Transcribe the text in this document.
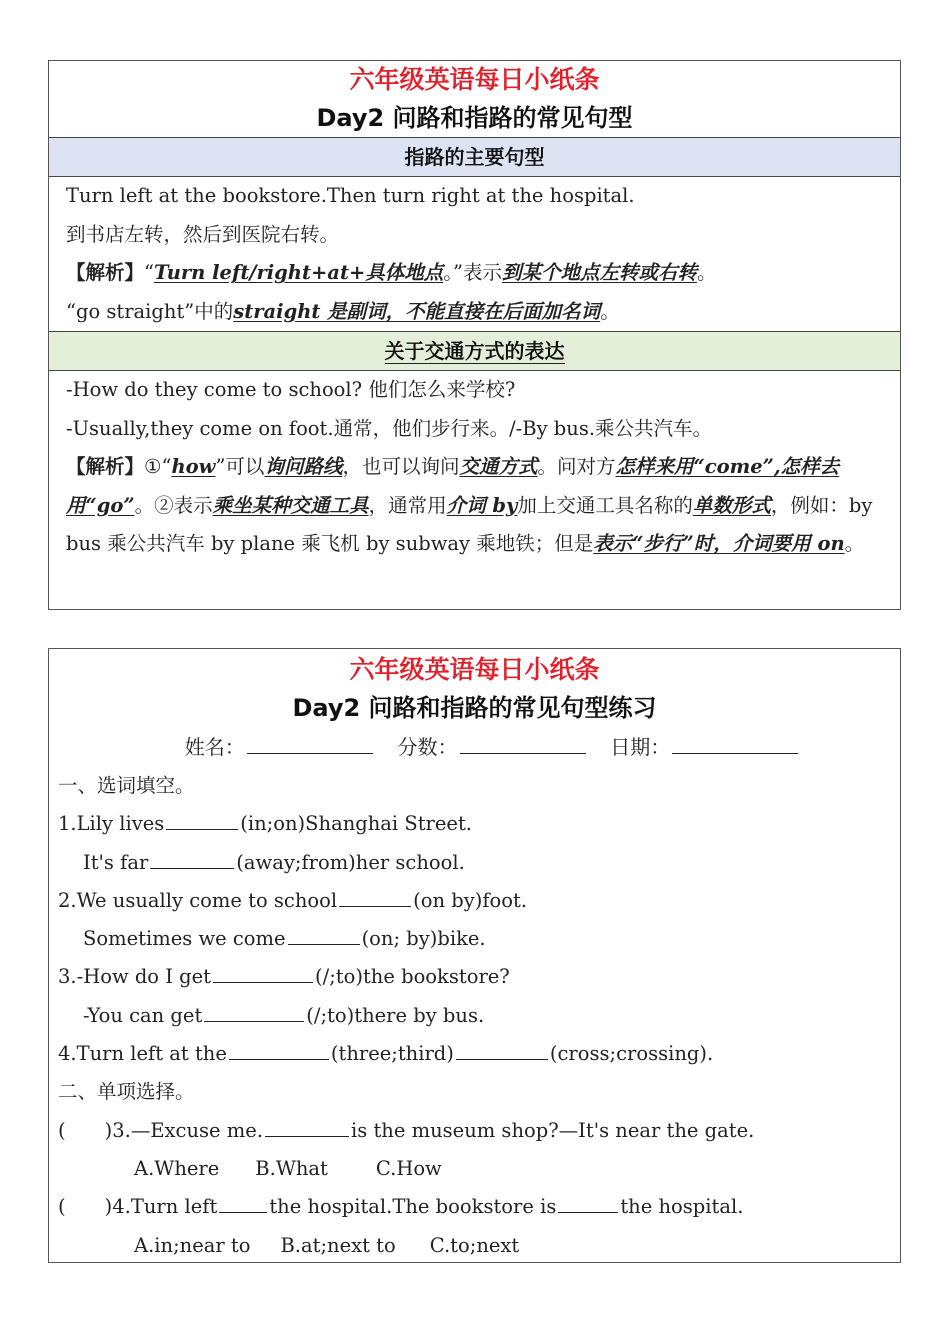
六年级英语每日小纸条
Day2 问路和指路的常见句型
指路的主要句型
Turn left at the bookstore.Then turn right at the hospital.
到书店左转，然后到医院右转。
【解析】“Turn left/right+at+具体地点。”表示到某个地点左转或右转。
“go straight”中的straight 是副词，不能直接在后面加名词。
关于交通方式的表达
-How do they come to school? 他们怎么来学校?
-Usually,they come on foot.通常，他们步行来。/-By bus.乘公共汽车。
【解析】①“how”可以询问路线，也可以询问交通方式。问对方怎样来用“come”,怎样去用“go”。②表示乘坐某种交通工具，通常用介词 by加上交通工具名称的单数形式，例如：by bus 乘公共汽车 by plane 乘飞机 by subway 乘地铁；但是表示“步行”时，介词要用 on。
六年级英语每日小纸条
Day2 问路和指路的常见句型练习
姓名：	分数：	日期：
一、选词填空。
1.Lily lives	(in;on)Shanghai Street.
It's far	(away;from)her school.
2.We usually come to school	(on by)foot.
Sometimes we come	(on; by)bike.
3.-How do I get	(/;to)the bookstore?
-You can get	(/;to)there by bus.
4.Turn left at the	(three;third)	(cross;crossing).
二、单项选择。
(　　)3.—Excuse me.	is the museum shop?—It's near the gate.
A.Where B.What C.How
(　　)4.Turn left	the hospital.The bookstore is	the hospital.
A.in;near to B.at;next to C.to;next
